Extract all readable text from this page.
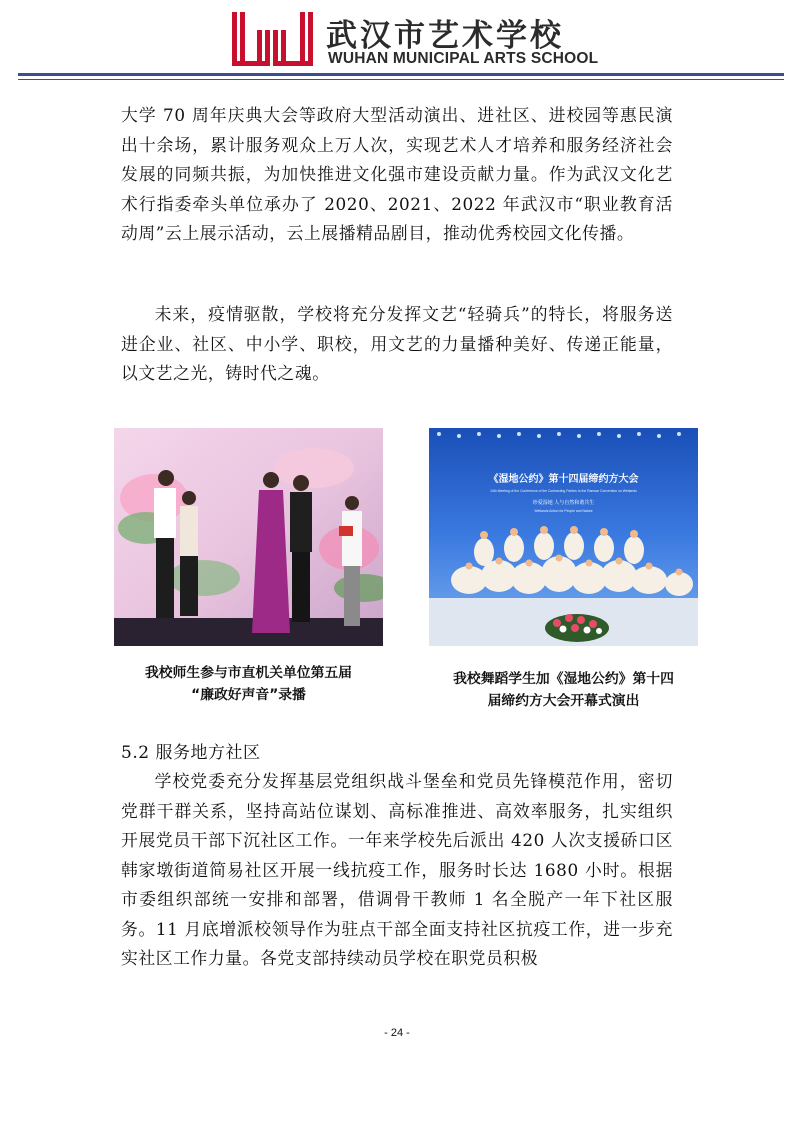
武汉市艺术学校
WUHAN MUNICIPAL ARTS SCHOOL

大学 70 周年庆典大会等政府大型活动演出、进社区、进校园等惠民演出十余场，累计服务观众上万人次，实现艺术人才培养和服务经济社会发展的同频共振，为加快推进文化强市建设贡献力量。作为武汉文化艺术行指委牵头单位承办了 2020、2021、2022 年武汉市“职业教育活动周”云上展示活动，云上展播精品剧目，推动优秀校园文化传播。

未来，疫情驱散，学校将充分发挥文艺“轻骑兵”的特长，将服务送进企业、社区、中小学、职校，用文艺的力量播种美好、传递正能量，以文艺之光，铸时代之魂。

我校师生参与市直机关单位第五届
“廉政好声音”录播

《湿地公约》第十四届缔约方大会
14th Meeting of the Conference of the Contracting Parties to the Ramsar Convention on Wetlands
珍爱湿地 人与自然和谐共生
Wetlands Action for People and Nature

我校舞蹈学生加《湿地公约》第十四
届缔约方大会开幕式演出

5.2 服务地方社区

学校党委充分发挥基层党组织战斗堡垒和党员先锋模范作用，密切党群干群关系，坚持高站位谋划、高标准推进、高效率服务，扎实组织开展党员干部下沉社区工作。一年来学校先后派出 420 人次支援硚口区韩家墩街道简易社区开展一线抗疫工作，服务时长达 1680 小时。根据市委组织部统一安排和部署，借调骨干教师 1 名全脱产一年下社区服务。11 月底增派校领导作为驻点干部全面支持社区抗疫工作，进一步充实社区工作力量。各党支部持续动员学校在职党员积极

- 24 -
